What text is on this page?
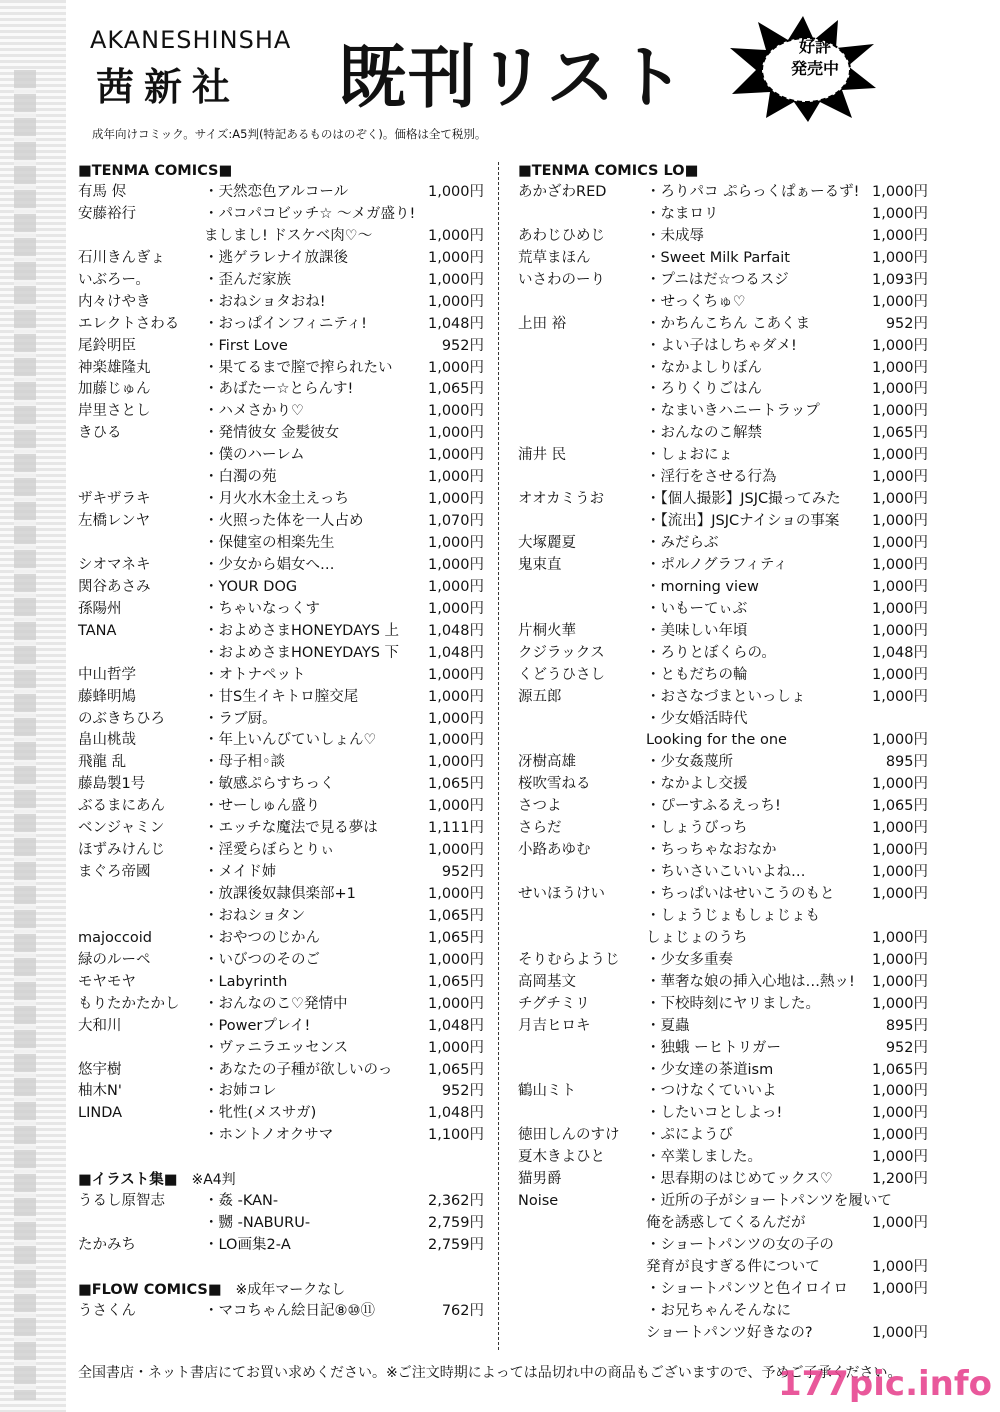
AKANESHINSHA
茜新社 既刊リスト	好評
発売中
成年向けコミック。サイズ:A5判(特記あるものはのぞく)。価格は全て税別。
■TENMA COMICS■
有馬 侭	・天然恋色アルコール	1,000円
安藤裕行	・パコパコビッチ☆ ～メガ盛り!
ましまし! ドスケベ肉♡～	1,000円
石川きんぎょ	・逃ゲラレナイ放課後	1,000円
いぶろー。	・歪んだ家族	1,000円
内々けやき	・おねショタおね!	1,000円
エレクトさわる ・おっぱインフィニティ!	1,048円
尾鈴明臣	・First Love	952円
神楽雄隆丸	・果てるまで膣で搾られたい 1,000円
加藤じゅん	・あばたー☆とらんす!	1,065円
岸里さとし	・ハメさかり♡	1,000円
きひる	・発情彼女 金髪彼女	1,000円
・僕のハーレム	1,000円
・白濁の苑	1,000円
ザキザラキ	・月火水木金土えっち	1,000円
左橋レンヤ	・火照った体を一人占め	1,070円
・保健室の相楽先生	1,000円
シオマネキ	・少女から娼女へ…	1,000円
関谷あさみ	・YOUR DOG	1,000円
孫陽州	・ちゃいなっくす	1,000円
TANA	・およめさまHONEYDAYS 上 1,048円
・およめさまHONEYDAYS 下 1,048円
中山哲学	・オトナペット	1,000円
藤蜂明鳩	・甘S生イキトロ膣交尾	1,000円
のぶきちひろ	・ラブ厨。	1,000円
畠山桃哉	・年上いんびていしょん♡	1,000円
飛龍 乱	・母子相◦談	1,000円
藤島製1号	・敏感ぷらすちっく	1,065円
ぶるまにあん	・せーしゅん盛り	1,000円
ベンジャミン	・エッチな魔法で見る夢は	1,111円
ほずみけんじ	・淫愛らぼらとりぃ	1,000円
まぐろ帝國	・メイド姉	952円
・放課後奴隷倶楽部+1	1,000円
・おねショタン	1,065円
majoccoid	・おやつのじかん	1,065円
緑のルーペ	・いびつのそのご	1,000円
モヤモヤ	・Labyrinth	1,065円
もりたかたかし ・おんなのこ♡発情中	1,000円
大和川	・Powerプレイ!	1,048円
・ヴァニラエッセンス	1,000円
悠宇樹	・あなたの子種が欲しいのっ 1,065円
柚木N'	・お姉コレ	952円
LINDA	・牝性(メスサガ)	1,048円
・ホントノオクサマ	1,100円
■イラスト集■ ※A4判
うるし原智志	・姦 -KAN-	2,362円
・嬲 -NABURU-	2,759円
たかみち	・LO画集2-A	2,759円
■FLOW COMICS■ ※成年マークなし
うさくん	・マコちゃん絵日記⑧⑩⑪	762円
■TENMA COMICS LO■
あかざわRED	・ろりパコ ぷらっくぱぁーるず! 1,000円
・なまロリ	1,000円
あわじひめじ	・未成辱	1,000円
荒草まほん	・Sweet Milk Parfait	1,000円
いさわのーり	・プニはだ☆つるスジ	1,093円
・せっくちゅ♡	1,000円
上田 裕	・かちんこちん こあくま	952円
・よい子はしちゃダメ!	1,000円
・なかよしりぼん	1,000円
・ろりくりごはん	1,000円
・なまいきハニートラップ	1,000円
・おんなのこ解禁	1,065円
浦井 民	・しょおにょ	1,000円
・淫行をさせる行為	1,000円
オオカミうお	・【個人撮影】JSJC撮ってみた 1,000円
・【流出】JSJCナイショの事案 1,000円
大塚麗夏	・みだらぶ	1,000円
鬼束直	・ポルノグラフィティ	1,000円
・morning view	1,000円
・いもーてぃぶ	1,000円
片桐火華	・美味しい年頃	1,000円
クジラックス	・ろりとぼくらの。	1,048円
くどうひさし	・ともだちの輪	1,000円
源五郎	・おさなづまといっしょ	1,000円
・少女婚活時代
Looking for the one	1,000円
冴樹高雄	・少女姦蔑所	895円
桜吹雪ねる	・なかよし交援	1,000円
さつよ	・ぴーすふるえっち!	1,065円
さらだ	・しょうびっち	1,000円
小路あゆむ	・ちっちゃなおなか	1,000円
・ちいさいこいいよね…	1,000円
せいほうけい	・ちっぱいはせいこうのもと	1,000円
・しょうじょもしょじょも
しょじょのうち	1,000円
そりむらようじ ・少女多重奏	1,000円
高岡基文	・華奢な娘の挿入心地は…熱ッ! 1,000円
チグチミリ	・下校時刻にヤリました。	1,000円
月吉ヒロキ	・夏蟲	895円
・独蛾 ーヒトリガー	952円
・少女達の茶道ism	1,065円
鶴山ミト	・つけなくていいよ	1,000円
・したいコとしよっ!	1,000円
徳田しんのすけ ・ぷにようび	1,000円
夏木きよひと	・卒業しました。	1,000円
猫男爵	・思春期のはじめてックス♡	1,200円
Noise	・近所の子がショートパンツを履いて
俺を誘惑してくるんだが	1,000円
・ショートパンツの女の子の
発育が良すぎる件について	1,000円
・ショートパンツと色イロイロ 1,000円
・お兄ちゃんそんなに
ショートパンツ好きなの?	1,000円
全国書店・ネット書店にてお買い求めください。※ご注文時期によっては品切れ中の商品もございますので、予めご了承ください。
177pic.info
